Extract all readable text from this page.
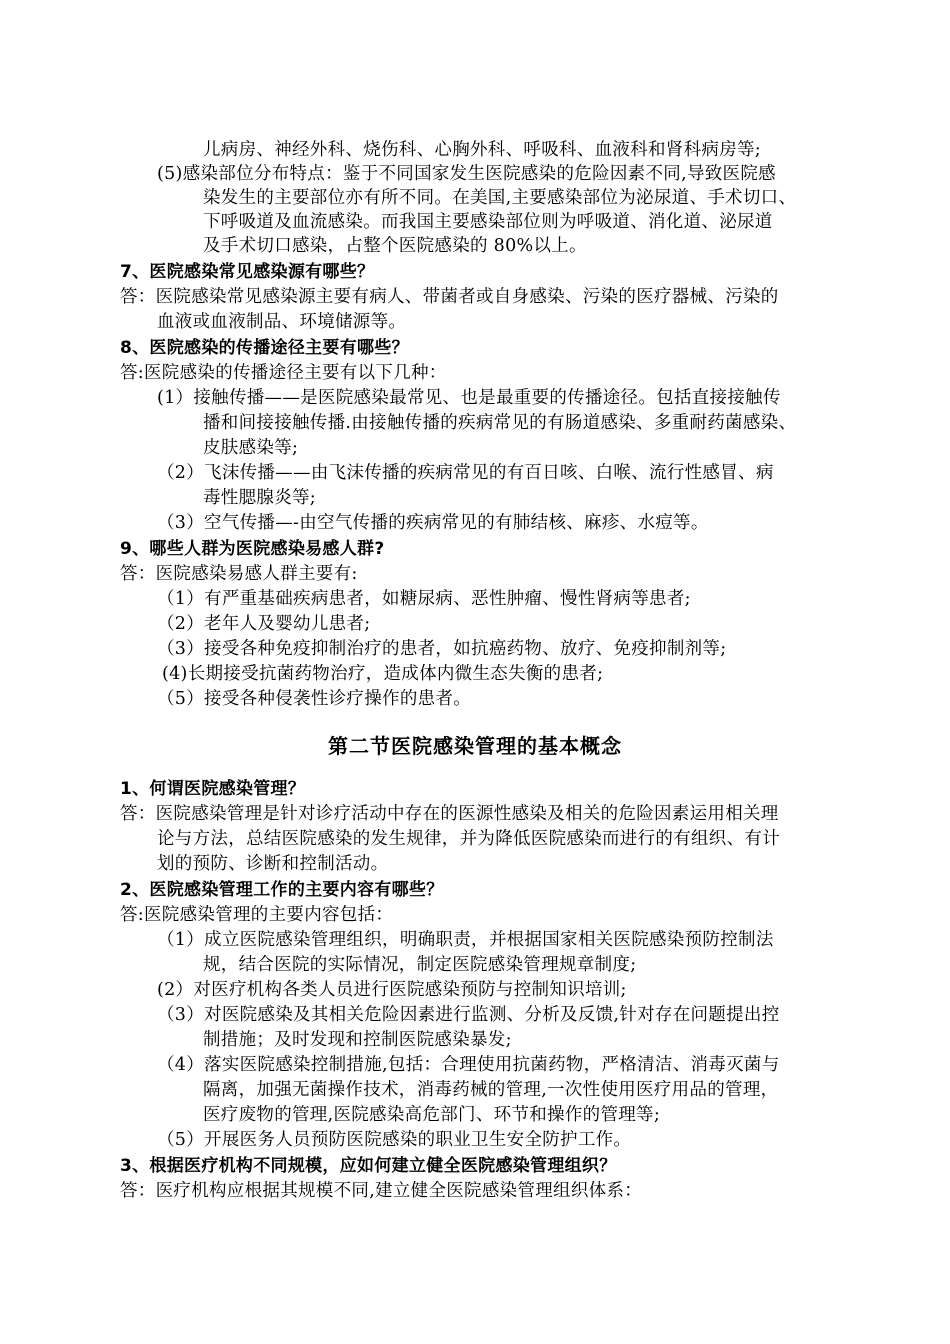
儿病房、神经外科、烧伤科、心胸外科、呼吸科、血液科和肾科病房等;
(5)感染部位分布特点：鉴于不同国家发生医院感染的危险因素不同,导致医院感
染发生的主要部位亦有所不同。在美国,主要感染部位为泌尿道、手术切口、
下呼吸道及血流感染。而我国主要感染部位则为呼吸道、消化道、泌尿道
及手术切口感染，占整个医院感染的 80%以上。
7、医院感染常见感染源有哪些？
答：医院感染常见感染源主要有病人、带菌者或自身感染、污染的医疗器械、污染的
血液或血液制品、环境储源等。
8、医院感染的传播途径主要有哪些？
答:医院感染的传播途径主要有以下几种：
(1）接触传播——是医院感染最常见、也是最重要的传播途径。包括直接接触传
播和间接接触传播.由接触传播的疾病常见的有肠道感染、多重耐药菌感染、
皮肤感染等;
（2）飞沫传播——由飞沫传播的疾病常见的有百日咳、白喉、流行性感冒、病
毒性腮腺炎等;
（3）空气传播—-由空气传播的疾病常见的有肺结核、麻疹、水痘等。
9、哪些人群为医院感染易感人群?
答：医院感染易感人群主要有:
（1）有严重基础疾病患者，如糖尿病、恶性肿瘤、慢性肾病等患者;
（2）老年人及婴幼儿患者;
（3）接受各种免疫抑制治疗的患者，如抗癌药物、放疗、免疫抑制剂等;
(4)长期接受抗菌药物治疗，造成体内微生态失衡的患者;
（5）接受各种侵袭性诊疗操作的患者。
第二节医院感染管理的基本概念
1、何谓医院感染管理？
答：医院感染管理是针对诊疗活动中存在的医源性感染及相关的危险因素运用相关理
论与方法，总结医院感染的发生规律，并为降低医院感染而进行的有组织、有计
划的预防、诊断和控制活动。
2、医院感染管理工作的主要内容有哪些？
答:医院感染管理的主要内容包括：
（1）成立医院感染管理组织，明确职责，并根据国家相关医院感染预防控制法
规，结合医院的实际情况，制定医院感染管理规章制度;
(2）对医疗机构各类人员进行医院感染预防与控制知识培训;
（3）对医院感染及其相关危险因素进行监测、分析及反馈,针对存在问题提出控
制措施；及时发现和控制医院感染暴发;
（4）落实医院感染控制措施,包括：合理使用抗菌药物，严格清洁、消毒灭菌与
隔离，加强无菌操作技术，消毒药械的管理,一次性使用医疗用品的管理，
医疗废物的管理,医院感染高危部门、环节和操作的管理等;
（5）开展医务人员预防医院感染的职业卫生安全防护工作。
3、根据医疗机构不同规模，应如何建立健全医院感染管理组织？
答：医疗机构应根据其规模不同,建立健全医院感染管理组织体系：
